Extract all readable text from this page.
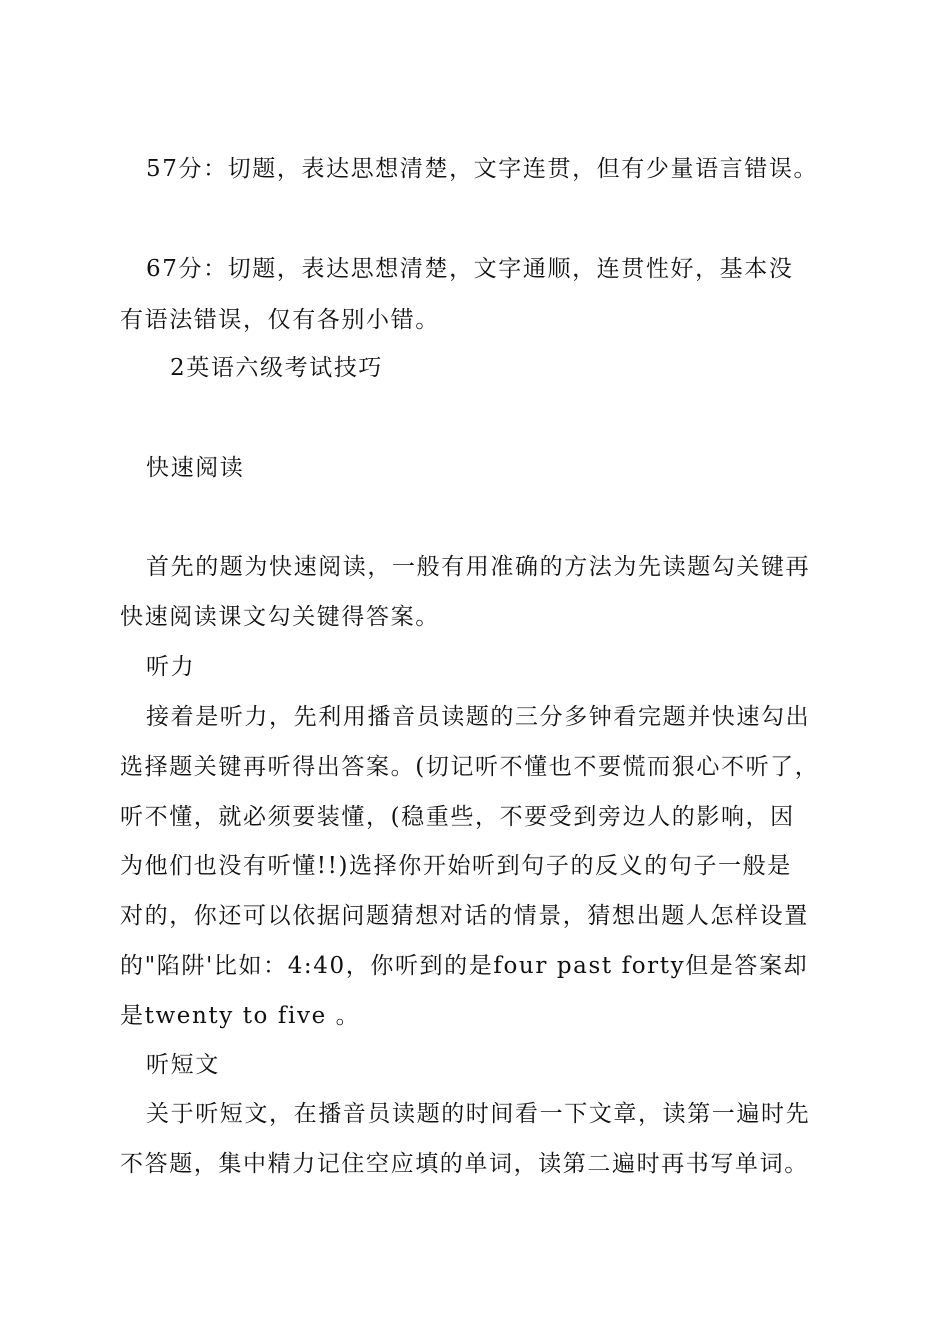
57分：切题，表达思想清楚，文字连贯，但有少量语言错误。
67分：切题，表达思想清楚，文字通顺，连贯性好，基本没
有语法错误，仅有各别小错。
2英语六级考试技巧
快速阅读
首先的题为快速阅读，一般有用准确的方法为先读题勾关键再
快速阅读课文勾关键得答案。
听力
接着是听力，先利用播音员读题的三分多钟看完题并快速勾出
选择题关键再听得出答案。(切记听不懂也不要慌而狠心不听了，
听不懂，就必须要装懂，(稳重些，不要受到旁边人的影响，因
为他们也没有听懂!!)选择你开始听到句子的反义的句子一般是
对的，你还可以依据问题猜想对话的情景，猜想出题人怎样设置
的"陷阱'比如：4:40，你听到的是four past forty但是答案却
是twenty to five 。
听短文
关于听短文，在播音员读题的时间看一下文章，读第一遍时先
不答题，集中精力记住空应填的单词，读第二遍时再书写单词。
